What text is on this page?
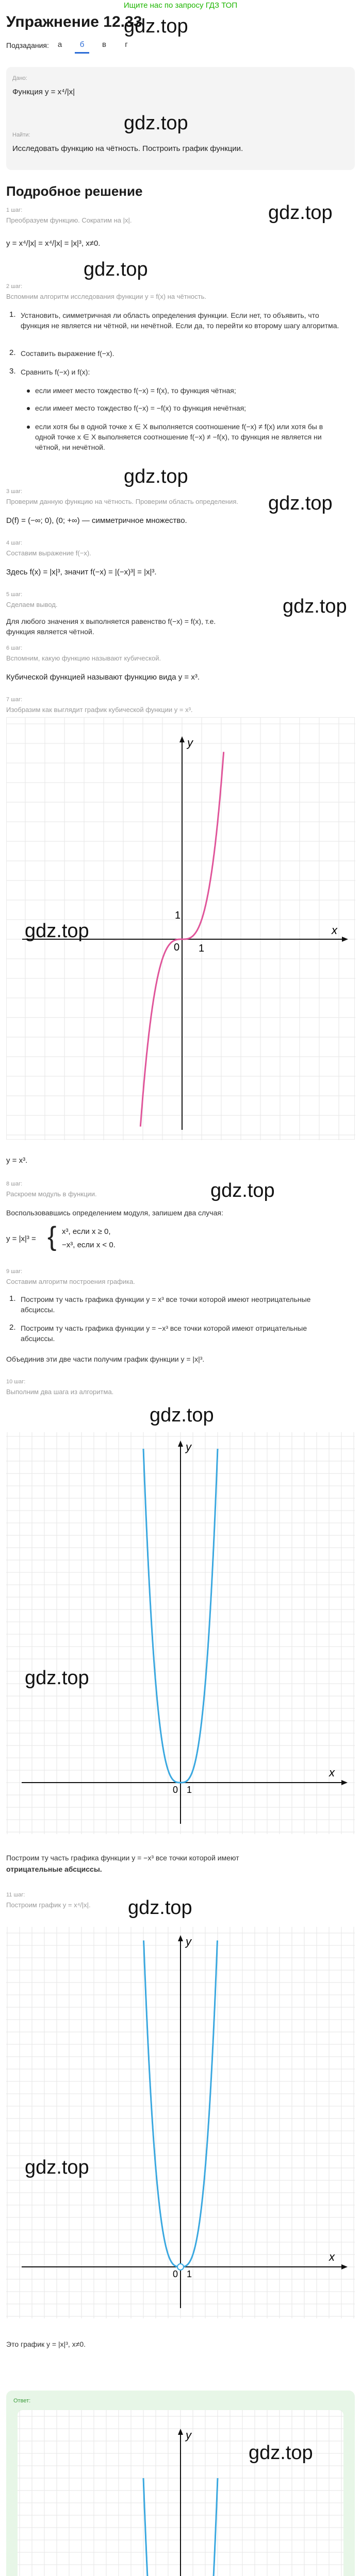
Ищите нас по запросу ГДЗ ТОП
Упражнение 12.33
gdz.top
Подзадания:	а	б	в	г
Дано:
Функция y = x⁴/|x|
gdz.top
Найти:
Исследовать функцию на чётность. Построить график функции.
Подробное решение
1 шаг:
Преобразуем функцию. Сократим на |x|.	gdz.top
y = x⁴/|x| = x⁴/|x| = |x|³, x≠0.
gdz.top
2 шаг:
Вспомним алгоритм исследования функции y = f(x) на чётность.
1. Установить, симметричная ли область определения функции. Если нет, то объявить, что функция не является ни чётной, ни нечётной. Если да, то перейти ко второму шагу алгоритма.
2. Составить выражение f(−x).
3. Сравнить f(−x) и f(x):
если имеет место тождество f(−x) = f(x), то функция чётная;
если имеет место тождество f(−x) = −f(x) то функция нечётная;
если хотя бы в одной точке x ∈ X выполняется соотношение f(−x) ≠ f(x) или хотя бы в одной точке x ∈ X выполняется соотношение f(−x) ≠ −f(x), то функция не является ни чётной, ни нечётной.
gdz.top
3 шаг:
Проверим данную функцию на чётность. Проверим область определения. gdz.top
D(f) = (−∞; 0), (0; +∞) — симметричное множество.
4 шаг:
Составим выражение f(−x).
Здесь f(x) = |x|³, значит f(−x) = |(−x)³| = |x|³.
5 шаг:
Сделаем вывод.
Для любого значения x выполняется равенство f(−x) = f(x), т.е. функция является чётной.
gdz.top
6 шаг:
Вспомним, какую функцию называют кубической.
Кубической функцией называют функцию вида y = x³.
7 шаг:
Изобразим как выглядит график кубической функции y = x³.
x
y
0 1
1
gdz.top
y = x³.
8 шаг:
Раскроем модуль в функции.	gdz.top
Воспользовавшись определением модуля, запишем два случая:
y = |x|³ = { x³, если x ≥ 0,
−x³, если x < 0.
9 шаг:
Составим алгоритм построения графика.
1. Построим ту часть графика функции y = x³ все точки которой имеют неотрицательные абсциссы.
2. Построим ту часть графика функции y = −x³ все точки которой имеют отрицательные абсциссы.
Объединив эти две части получим график функции y = |x|³.
10 шаг:
Выполним два шага из алгоритма.
gdz.top
x
y
0 1
gdz.top
Построим ту часть графика функции y = −x³ все точки которой имеют
отрицательные абсциссы.
11 шаг:
Построим график y = x⁴/|x|. gdz.top
x
y
0 1
gdz.top
Это график y = |x|³, x≠0.
Ответ:
y
gdz.top
